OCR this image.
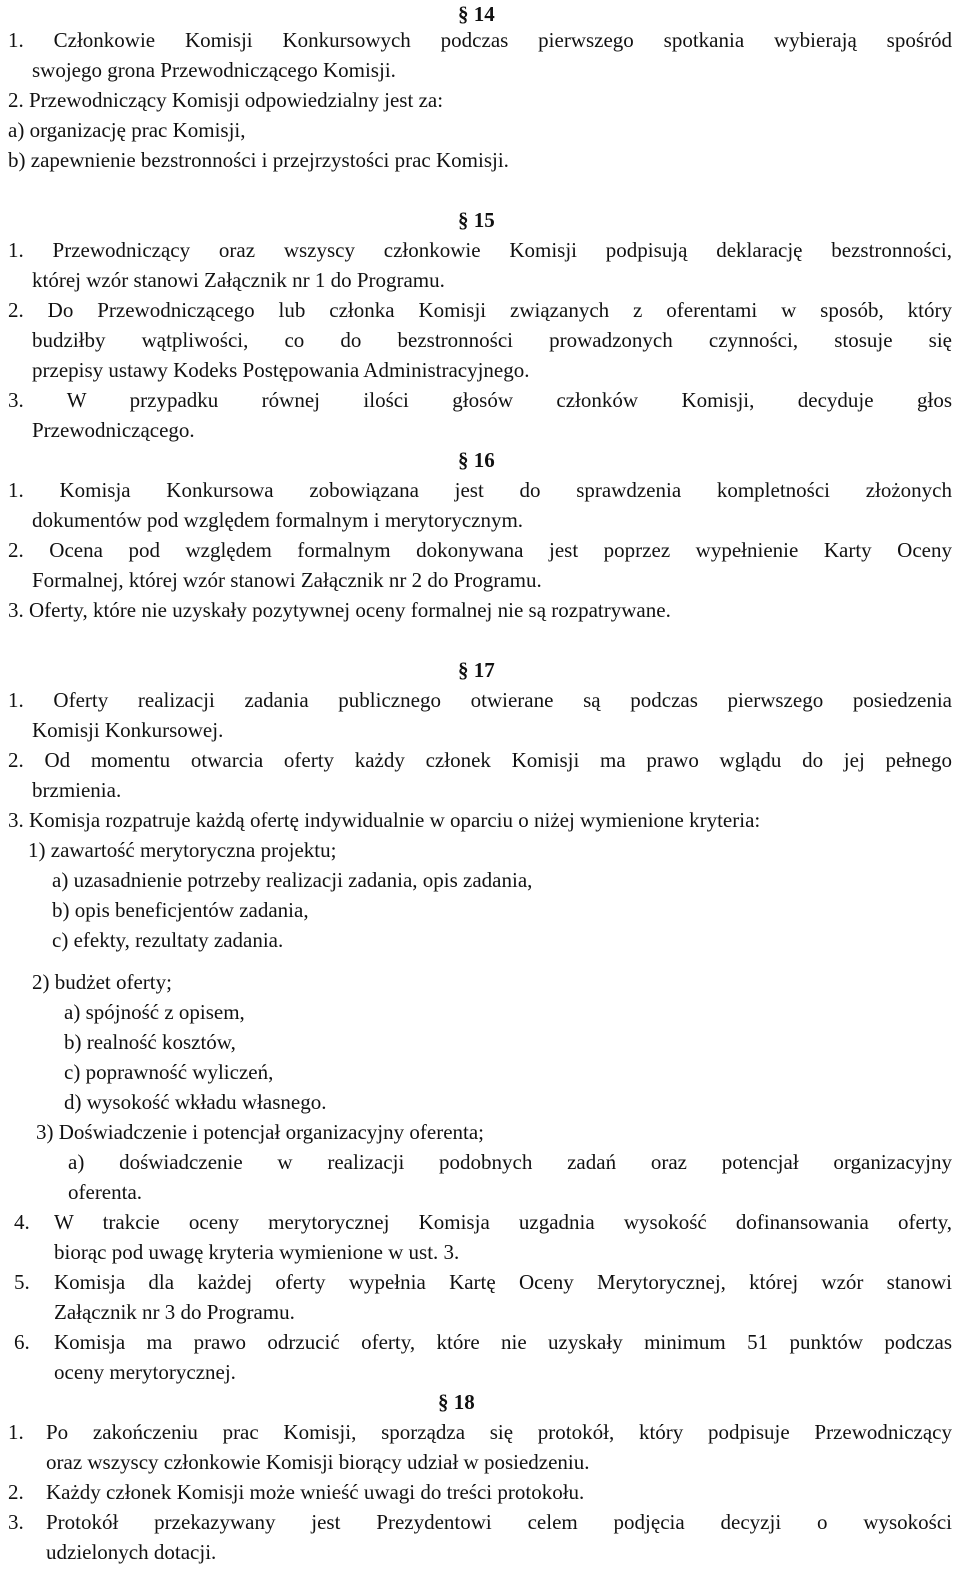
§ 14
1. Członkowie Komisji Konkursowych podczas pierwszego spotkania wybierają spośród
swojego grona Przewodniczącego Komisji.
2. Przewodniczący Komisji odpowiedzialny jest za:
a) organizację prac Komisji,
b) zapewnienie bezstronności i przejrzystości prac Komisji.
§ 15
1. Przewodniczący oraz wszyscy członkowie Komisji podpisują deklarację bezstronności,
której wzór stanowi Załącznik nr 1 do Programu.
2. Do Przewodniczącego lub członka Komisji związanych z oferentami w sposób, który
budziłby wątpliwości, co do bezstronności prowadzonych czynności, stosuje się
przepisy ustawy Kodeks Postępowania Administracyjnego.
3. W przypadku równej ilości głosów członków Komisji, decyduje głos
Przewodniczącego.
§ 16
1. Komisja Konkursowa zobowiązana jest do sprawdzenia kompletności złożonych
dokumentów pod względem formalnym i merytorycznym.
2. Ocena pod względem formalnym dokonywana jest poprzez wypełnienie Karty Oceny
Formalnej, której wzór stanowi Załącznik nr 2 do Programu.
3. Oferty, które nie uzyskały pozytywnej oceny formalnej nie są rozpatrywane.
§ 17
1. Oferty realizacji zadania publicznego otwierane są podczas pierwszego posiedzenia
Komisji Konkursowej.
2. Od momentu otwarcia oferty każdy członek Komisji ma prawo wglądu do jej pełnego
brzmienia.
3. Komisja rozpatruje każdą ofertę indywidualnie w oparciu o niżej wymienione kryteria:
1) zawartość merytoryczna projektu;
a) uzasadnienie potrzeby realizacji zadania, opis zadania,
b) opis beneficjentów zadania,
c) efekty, rezultaty zadania.
2) budżet oferty;
a) spójność z opisem,
b) realność kosztów,
c) poprawność wyliczeń,
d) wysokość wkładu własnego.
3) Doświadczenie i potencjał organizacyjny oferenta;
a) doświadczenie w realizacji podobnych zadań oraz potencjał organizacyjny
oferenta.
4. W trakcie oceny merytorycznej Komisja uzgadnia wysokość dofinansowania oferty,
biorąc pod uwagę kryteria wymienione w ust. 3.
5. Komisja dla każdej oferty wypełnia Kartę Oceny Merytorycznej, której wzór stanowi
Załącznik nr 3 do Programu.
6. Komisja ma prawo odrzucić oferty, które nie uzyskały minimum 51 punktów podczas
oceny merytorycznej.
§ 18
1. Po zakończeniu prac Komisji, sporządza się protokół, który podpisuje Przewodniczący
oraz wszyscy członkowie Komisji biorący udział w posiedzeniu.
2. Każdy członek Komisji może wnieść uwagi do treści protokołu.
3. Protokół przekazywany jest Prezydentowi celem podjęcia decyzji o wysokości
udzielonych dotacji.
